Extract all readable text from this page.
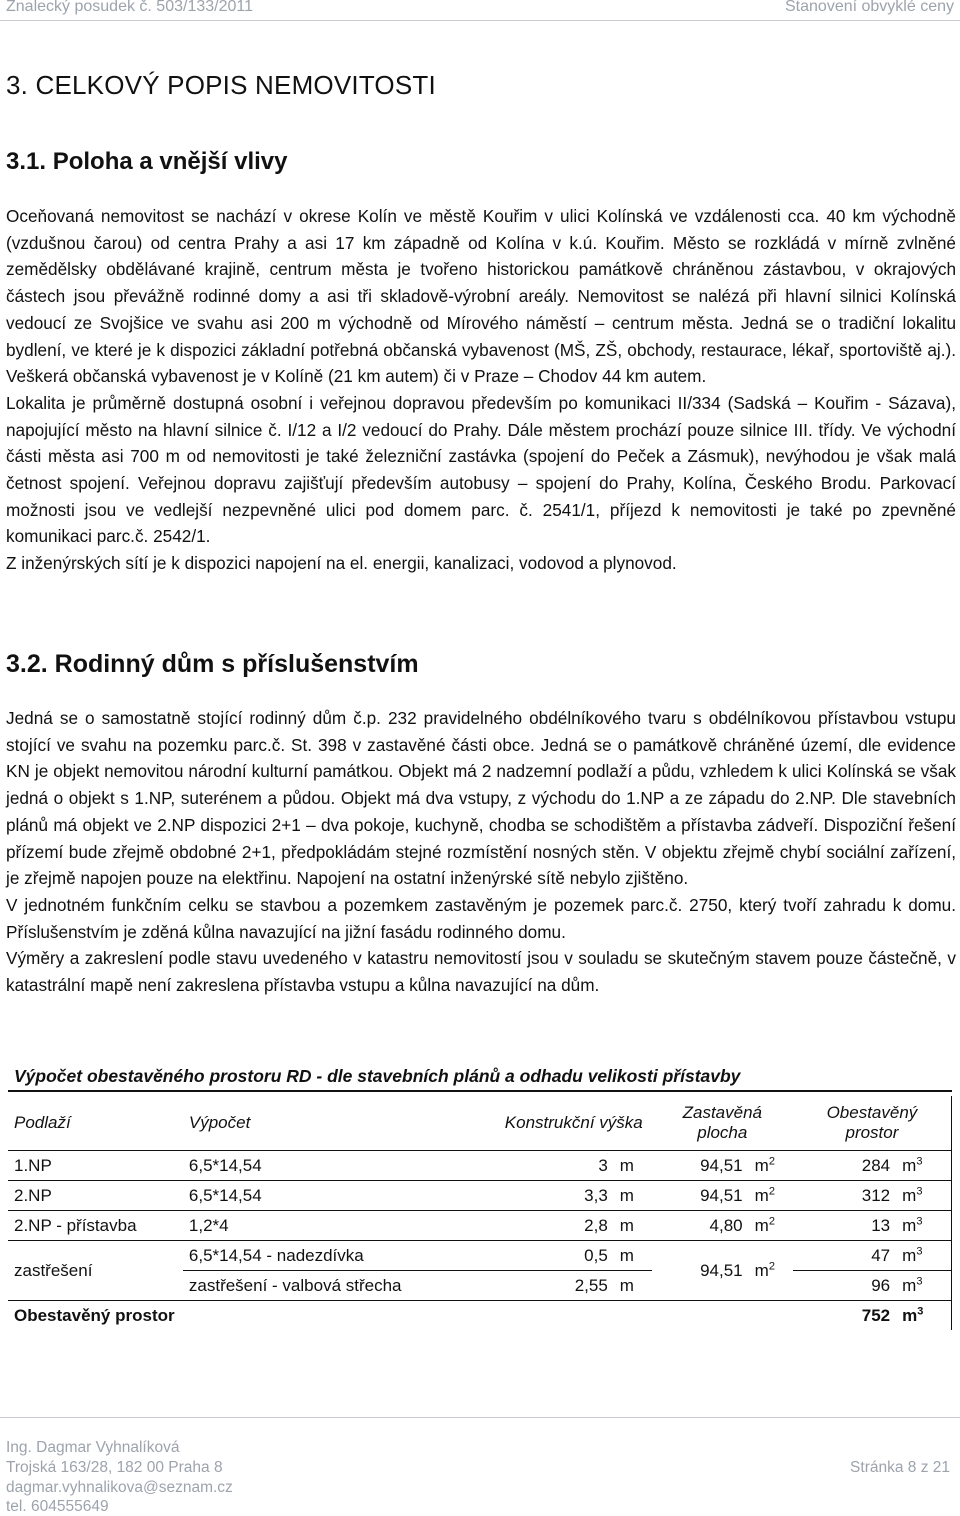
Znalecký posudek č. 503/133/2011	Stanovení obvyklé ceny
3. CELKOVÝ POPIS NEMOVITOSTI
3.1. Poloha a vnější vlivy

Oceňovaná nemovitost se nachází v okrese Kolín ve městě Kouřim v ulici Kolínská ve vzdálenosti cca. 40 km východně (vzdušnou čarou) od centra Prahy a asi 17 km západně od Kolína v k.ú. Kouřim. Město se rozkládá v mírně zvlněné zemědělsky obdělávané krajině, centrum města je tvořeno historickou památkově chráněnou zástavbou, v okrajových částech jsou převážně rodinné domy a asi tři skladově-výrobní areály. Nemovitost se nalézá při hlavní silnici Kolínská vedoucí ze Svojšice ve svahu asi 200 m východně od Mírového náměstí – centrum města. Jedná se o tradiční lokalitu bydlení, ve které je k dispozici základní potřebná občanská vybavenost (MŠ, ZŠ, obchody, restaurace, lékař, sportoviště aj.). Veškerá občanská vybavenost je v Kolíně (21 km autem) či v Praze – Chodov 44 km autem.

Lokalita je průměrně dostupná osobní i veřejnou dopravou především po komunikaci II/334 (Sadská – Kouřim - Sázava), napojující město na hlavní silnice č. I/12 a I/2 vedoucí do Prahy. Dále městem prochází pouze silnice III. třídy. Ve východní části města asi 700 m od nemovitosti je také železniční zastávka (spojení do Peček a Zásmuk), nevýhodou je však malá četnost spojení. Veřejnou dopravu zajišťují především autobusy – spojení do Prahy, Kolína, Českého Brodu. Parkovací možnosti jsou ve vedlejší nezpevněné ulici pod domem parc. č. 2541/1, příjezd k nemovitosti je také po zpevněné komunikaci parc.č. 2542/1.

Z inženýrských sítí je k dispozici napojení na el. energii, kanalizaci, vodovod a plynovod.

3.2. Rodinný dům s příslušenstvím

Jedná se o samostatně stojící rodinný dům č.p. 232 pravidelného obdélníkového tvaru s obdélníkovou přístavbou vstupu stojící ve svahu na pozemku parc.č. St. 398 v zastavěné části obce. Jedná se o památkově chráněné území, dle evidence KN je objekt nemovitou národní kulturní památkou. Objekt má 2 nadzemní podlaží a půdu, vzhledem k ulici Kolínská se však jedná o objekt s 1.NP, suterénem a půdou. Objekt má dva vstupy, z východu do 1.NP a ze západu do 2.NP. Dle stavebních plánů má objekt ve 2.NP dispozici 2+1 – dva pokoje, kuchyně, chodba se schodištěm a přístavba zádveří. Dispoziční řešení přízemí bude zřejmě obdobné 2+1, předpokládám stejné rozmístění nosných stěn. V objektu zřejmě chybí sociální zařízení, je zřejmě napojen pouze na elektřinu. Napojení na ostatní inženýrské sítě nebylo zjištěno.

V jednotném funkčním celku se stavbou a pozemkem zastavěným je pozemek parc.č. 2750, který tvoří zahradu k domu. Příslušenstvím je zděná kůlna navazující na jižní fasádu rodinného domu.

Výměry a zakreslení podle stavu uvedeného v katastru nemovitostí jsou v souladu se skutečným stavem pouze částečně, v katastrální mapě není zakreslena přístavba vstupu a kůlna navazující na dům.

Výpočet obestavěného prostoru RD - dle stavebních plánů a odhadu velikosti přístavby
Podlaží	Výpočet	Konstrukční výška		Zastavěná plocha		Obestavěný prostor	
1.NP	6,5*14,54	3	m	94,51	$m^2$	284	$m^3$
2.NP	6,5*14,54	3,3	m	94,51	$m^2$	312	$m^3$
2.NP - přístavba	1,2*4	2,8	m	4,80	$m^2$	13	$m^3$
zastřešení	6,5*14,54 - nadezdívka	0,5	m	94,51	$m^2$	47	$m^3$
	zastřešení - valbová střecha	2,55	m			96	$m^3$
Obestavěný prostor						752	$m^3$
Ing. Dagmar Vyhnalíková
Trojská 163/28, 182 00 Praha 8
dagmar.vyhnalikova@seznam.cz
tel. 604555649
Stránka 8 z 21
